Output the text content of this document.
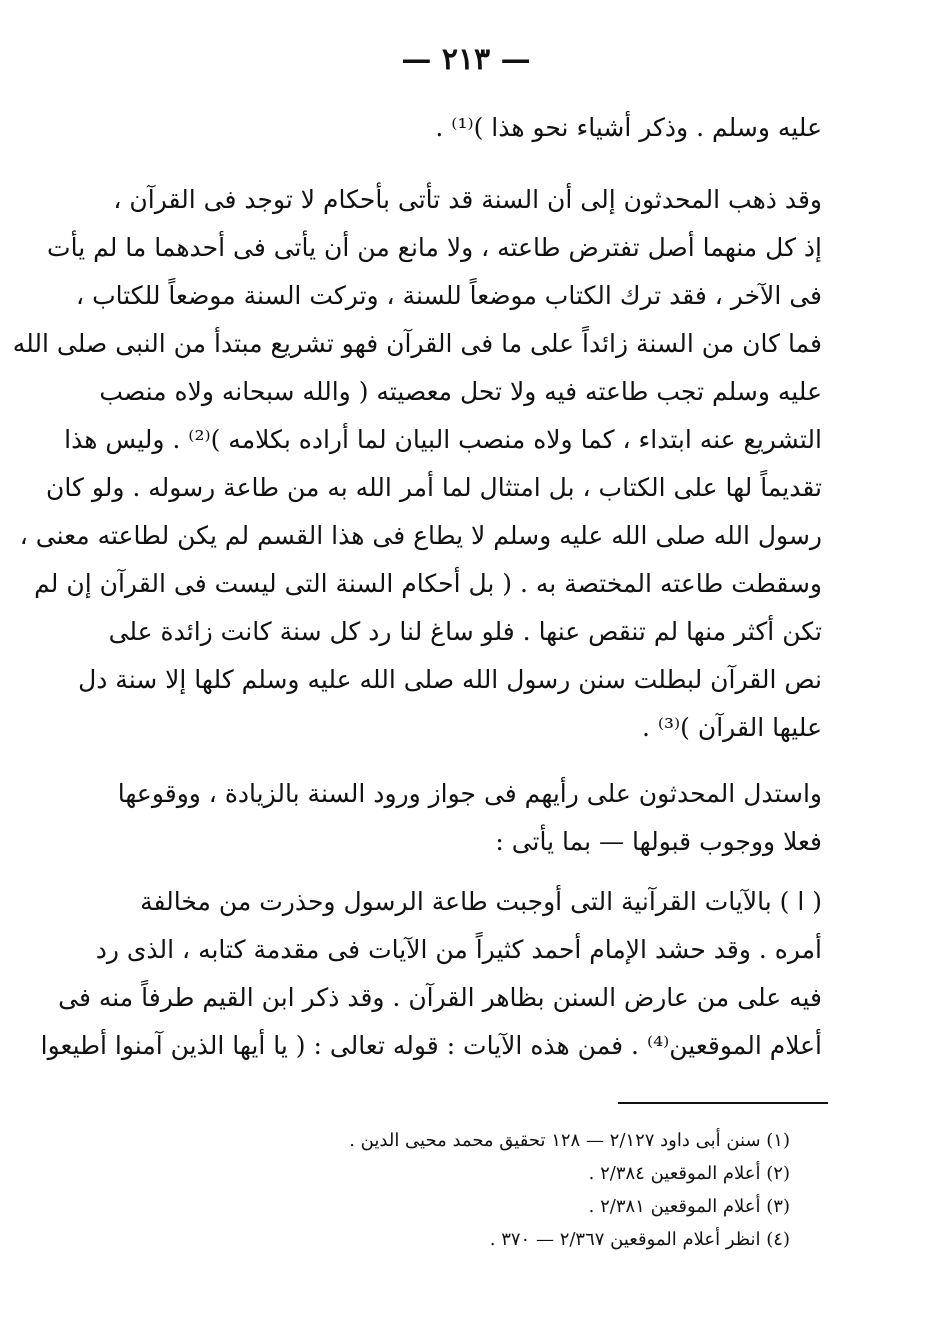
— ٢١٣ —
عليه وسلم . وذكر أشياء نحو هذا )⁽¹⁾ .
وقد ذهب المحدثون إلى أن السنة قد تأتى بأحكام لا توجد فى القرآن ،
إذ كل منهما أصل تفترض طاعته ، ولا مانع من أن يأتى فى أحدهما ما لم يأت
فى الآخر ، فقد ترك الكتاب موضعاً للسنة ، وتركت السنة موضعاً للكتاب ،
فما كان من السنة زائداً على ما فى القرآن فهو تشريع مبتدأ من النبى صلى الله
عليه وسلم تجب طاعته فيه ولا تحل معصيته ( والله سبحانه ولاه منصب
التشريع عنه ابتداء ، كما ولاه منصب البيان لما أراده بكلامه )⁽²⁾ . وليس هذا
تقديماً لها على الكتاب ، بل امتثال لما أمر الله به من طاعة رسوله . ولو كان
رسول الله صلى الله عليه وسلم لا يطاع فى هذا القسم لم يكن لطاعته معنى ،
وسقطت طاعته المختصة به . ( بل أحكام السنة التى ليست فى القرآن إن لم
تكن أكثر منها لم تنقص عنها . فلو ساغ لنا رد كل سنة كانت زائدة على
نص القرآن لبطلت سنن رسول الله صلى الله عليه وسلم كلها إلا سنة دل
عليها القرآن )⁽³⁾ .
واستدل المحدثون على رأيهم فى جواز ورود السنة بالزيادة ، ووقوعها
فعلا ووجوب قبولها — بما يأتى :
( ا ) بالآيات القرآنية التى أوجبت طاعة الرسول وحذرت من مخالفة
أمره . وقد حشد الإمام أحمد كثيراً من الآيات فى مقدمة كتابه ، الذى رد
فيه على من عارض السنن بظاهر القرآن . وقد ذكر ابن القيم طرفاً منه فى
أعلام الموقعين⁽⁴⁾ . فمن هذه الآيات : قوله تعالى : ( يا أيها الذين آمنوا أطيعوا
(١) سنن أبى داود ٢/١٢٧ — ١٢٨ تحقيق محمد محيى الدين .
(٢) أعلام الموقعين ٢/٣٨٤ .
(٣) أعلام الموقعين ٢/٣٨١ .
(٤) انظر أعلام الموقعين ٢/٣٦٧ — ٣٧٠ .
